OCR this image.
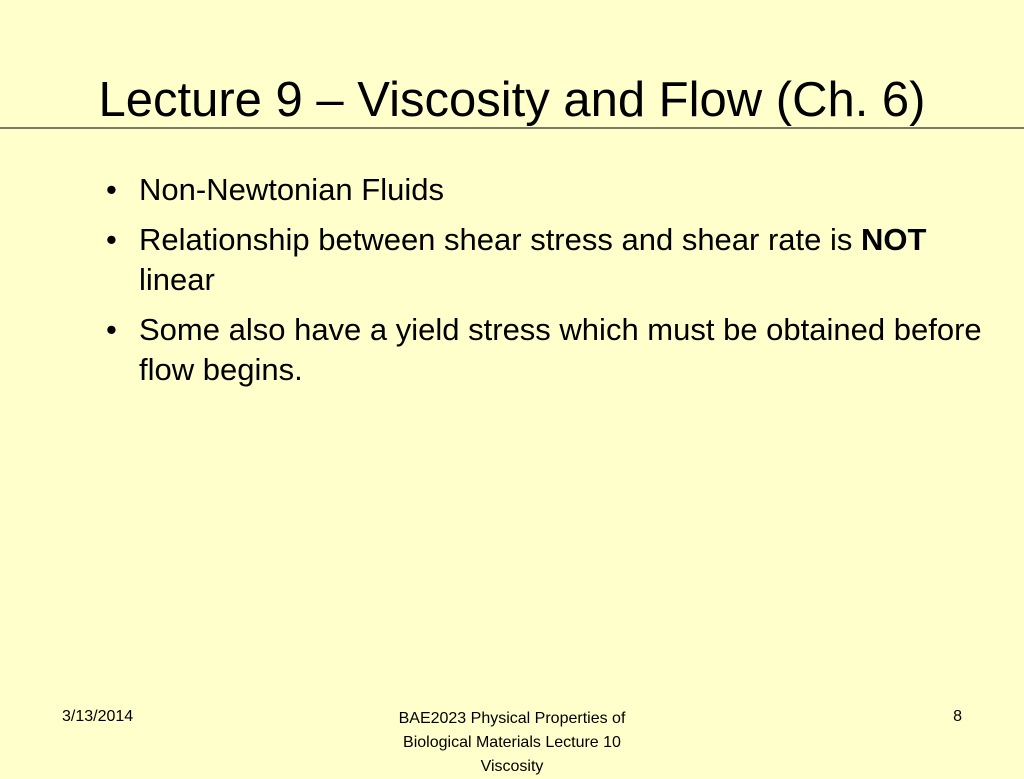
Lecture 9 – Viscosity and Flow (Ch. 6)
• Non-Newtonian Fluids
• Relationship between shear stress and shear rate is NOT linear
• Some also have a yield stress which must be obtained before flow begins.
3/13/2014	BAE2023 Physical Properties of
Biological Materials Lecture 10
Viscosity
8
